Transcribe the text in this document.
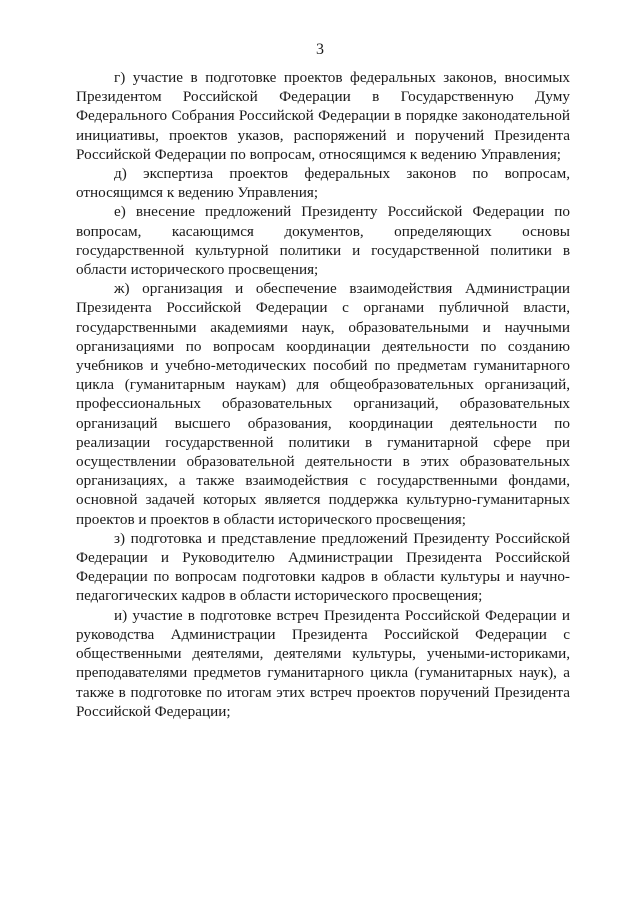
3

г) участие в подготовке проектов федеральных законов, вносимых Президентом Российской Федерации в Государственную Думу Федерального Собрания Российской Федерации в порядке законодательной инициативы, проектов указов, распоряжений и поручений Президента Российской Федерации по вопросам, относящимся к ведению Управления;

д) экспертиза проектов федеральных законов по вопросам, относящимся к ведению Управления;

е) внесение предложений Президенту Российской Федерации по вопросам, касающимся документов, определяющих основы государственной культурной политики и государственной политики в области исторического просвещения;

ж) организация и обеспечение взаимодействия Администрации Президента Российской Федерации с органами публичной власти, государственными академиями наук, образовательными и научными организациями по вопросам координации деятельности по созданию учебников и учебно-методических пособий по предметам гуманитарного цикла (гуманитарным наукам) для общеобразовательных организаций, профессиональных образовательных организаций, образовательных организаций высшего образования, координации деятельности по реализации государственной политики в гуманитарной сфере при осуществлении образовательной деятельности в этих образовательных организациях, а также взаимодействия с государственными фондами, основной задачей которых является поддержка культурно-гуманитарных проектов и проектов в области исторического просвещения;

з) подготовка и представление предложений Президенту Российской Федерации и Руководителю Администрации Президента Российской Федерации по вопросам подготовки кадров в области культуры и научно-педагогических кадров в области исторического просвещения;

и) участие в подготовке встреч Президента Российской Федерации и руководства Администрации Президента Российской Федерации с общественными деятелями, деятелями культуры, учеными-историками, преподавателями предметов гуманитарного цикла (гуманитарных наук), а также в подготовке по итогам этих встреч проектов поручений Президента Российской Федерации;
